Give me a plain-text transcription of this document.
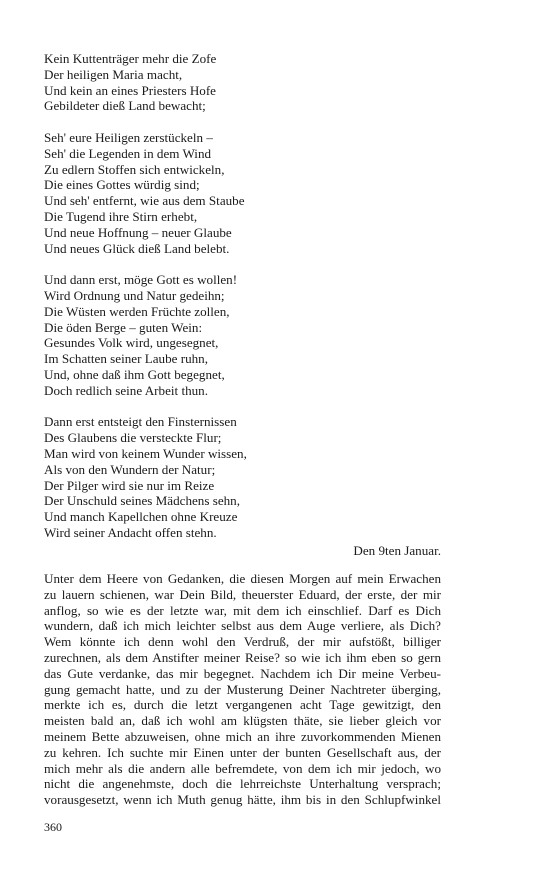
Kein Kuttenträger mehr die Zofe
Der heiligen Maria macht,
Und kein an eines Priesters Hofe
Gebildeter dieß Land bewacht;
Seh' eure Heiligen zerstückeln –
Seh' die Legenden in dem Wind
Zu edlern Stoffen sich entwickeln,
Die eines Gottes würdig sind;
Und seh' entfernt, wie aus dem Staube
Die Tugend ihre Stirn erhebt,
Und neue Hoffnung – neuer Glaube
Und neues Glück dieß Land belebt.
Und dann erst, möge Gott es wollen!
Wird Ordnung und Natur gedeihn;
Die Wüsten werden Früchte zollen,
Die öden Berge – guten Wein:
Gesundes Volk wird, ungesegnet,
Im Schatten seiner Laube ruhn,
Und, ohne daß ihm Gott begegnet,
Doch redlich seine Arbeit thun.
Dann erst entsteigt den Finsternissen
Des Glaubens die versteckte Flur;
Man wird von keinem Wunder wissen,
Als von den Wundern der Natur;
Der Pilger wird sie nur im Reize
Der Unschuld seines Mädchens sehn,
Und manch Kapellchen ohne Kreuze
Wird seiner Andacht offen stehn.
Den 9ten Januar.
Unter dem Heere von Gedanken, die diesen Morgen auf mein Erwachen
zu lauern schienen, war Dein Bild, theuerster Eduard, der erste, der mir
anflog, so wie es der letzte war, mit dem ich einschlief. Darf es Dich
wundern, daß ich mich leichter selbst aus dem Auge verliere, als Dich?
Wem könnte ich denn wohl den Verdruß, der mir aufstößt, billiger
zurechnen, als dem Anstifter meiner Reise? so wie ich ihm eben so gern
das Gute verdanke, das mir begegnet. Nachdem ich Dir meine Verbeu-
gung gemacht hatte, und zu der Musterung Deiner Nachtreter überging,
merkte ich es, durch die letzt vergangenen acht Tage gewitzigt, den
meisten bald an, daß ich wohl am klügsten thäte, sie lieber gleich vor
meinem Bette abzuweisen, ohne mich an ihre zuvorkommenden Mienen
zu kehren. Ich suchte mir Einen unter der bunten Gesellschaft aus, der
mich mehr als die andern alle befremdete, von dem ich mir jedoch, wo
nicht die angenehmste, doch die lehrreichste Unterhaltung versprach;
vorausgesetzt, wenn ich Muth genug hätte, ihm bis in den Schlupfwinkel
360
